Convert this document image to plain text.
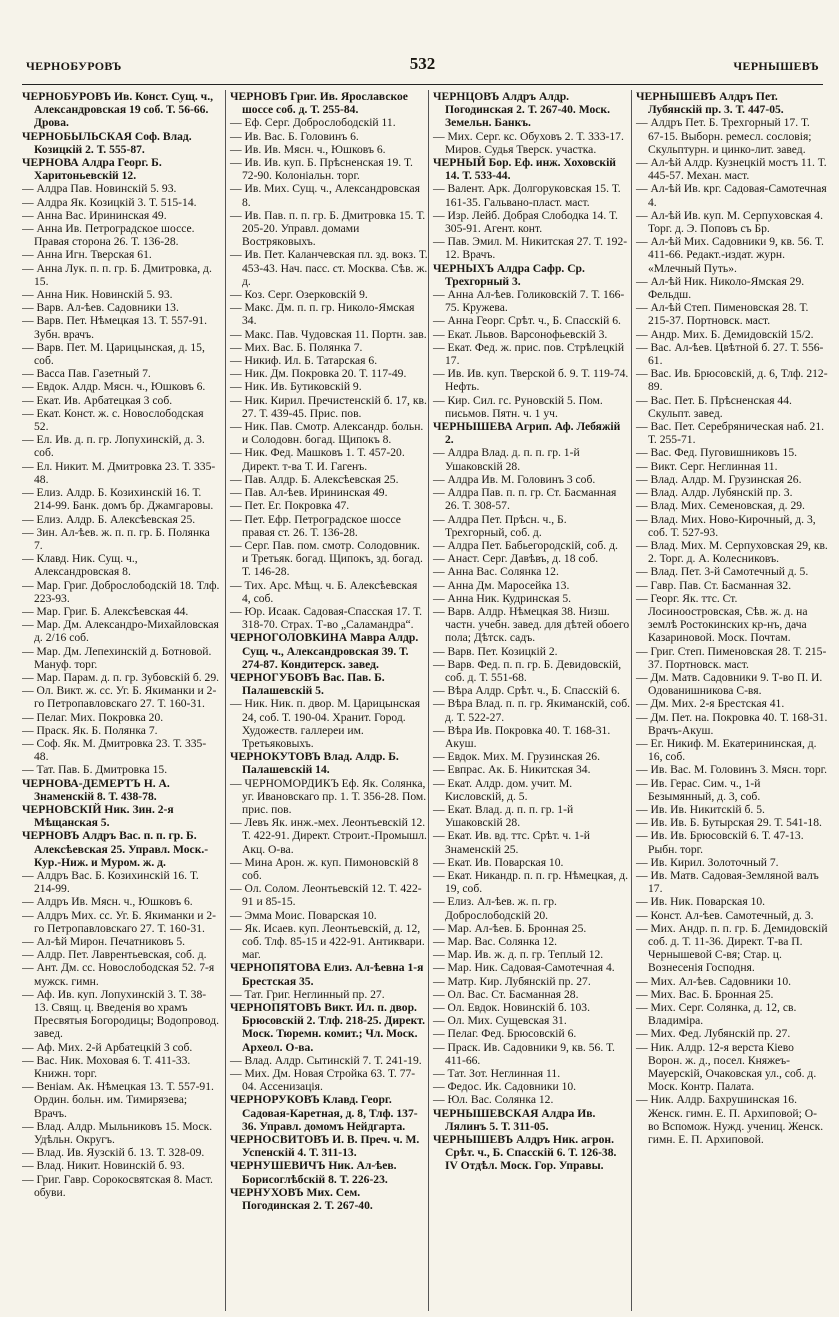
ЧЕРНОБУРОВЪ	532	ЧЕРНЫШЕВЪ

ЧЕРНОБУРОВЪ Ив. Конст. Сущ. ч., Александровская 19 соб. Т. 56-66. Дрова.

ЧЕРНОБЫЛЬСКАЯ Соф. Влад. Козицкій 2. Т. 555-87.

ЧЕРНОВА Алдра Георг. Б. Харитоньевскій 12.

— Алдра Пав. Новинскій 5. 93.

— Алдра Як. Козицкій 3. Т. 515-14.

— Анна Вас. Ирининская 49.

— Анна Ив. Петроградское шоссе. Правая сторона 26. Т. 136-28.

— Анна Игн. Тверская 61.

— Анна Лук. п. п. гр. Б. Дмитровка, д. 15.

— Анна Ник. Новинскій 5. 93.

— Варв. Ал-ѣев. Садовники 13.

— Варв. Пет. Нѣмецкая 13. Т. 557-91. Зубн. врачъ.

— Варв. Пет. М. Царицынская, д. 15, соб.

— Васса Пав. Газетный 7.

— Евдок. Алдр. Мясн. ч., Юшковъ 6.

— Екат. Ив. Арбатецкая 3 соб.

— Екат. Конст. ж. с. Новослободская 52.

— Ел. Ив. д. п. гр. Лопухинскій, д. 3. соб.

— Ел. Никит. М. Дмитровка 23. Т. 335-48.

— Елиз. Алдр. Б. Козихинскій 16. Т. 214-99. Банк. домъ бр. Джамгаровы.

— Елиз. Алдр. Б. Алексѣевская 25.

— Зин. Ал-ѣев. ж. п. п. гр. Б. Полянка 7.

— Клавд. Ник. Сущ. ч., Александровская 8.

— Мар. Григ. Доброслободскій 18. Тлф. 223-93.

— Мар. Григ. Б. Алексѣевская 44.

— Мар. Дм. Александро-Михайловская д. 2/16 соб.

— Мар. Дм. Лепехинскій д. Ботновой. Мануф. торг.

— Мар. Парам. д. п. гр. Зубовскій б. 29.

— Ол. Викт. ж. сс. Уг. Б. Якиманки и 2-го Петропавловскаго 27. Т. 160-31.

— Пелаг. Мих. Покровка 20.

— Праск. Як. Б. Полянка 7.

— Соф. Як. М. Дмитровка 23. Т. 335-48.

— Тат. Пав. Б. Дмитровка 15.

ЧЕРНОВА-ДЕМЕРТЪ Н. А. Знаменскій 8. Т. 438-78.

ЧЕРНОВСКІЙ Ник. Зин. 2-я Мѣщанская 5.

ЧЕРНОВЪ Алдръ Вас. п. п. гр. Б. Алексѣевская 25. Управл. Моск.-Кур.-Ниж. и Муром. ж. д.

— Алдръ Вас. Б. Козихинскій 16. Т. 214-99.

— Алдръ Ив. Мясн. ч., Юшковъ 6.

— Алдръ Мих. сс. Уг. Б. Якиманки и 2-го Петропавловскаго 27. Т. 160-31.

— Ал-ѣй Мирон. Печатниковъ 5.

— Алдр. Пет. Лаврентьевская, соб. д.

— Ант. Дм. сс. Новослободская 52. 7-я мужск. гимн.

— Аф. Ив. куп. Лопухинскій 3. Т. 38-13. Свящ. ц. Введенія во храмъ Пресвятыя Богородицы; Водопровод. завед.

— Аф. Мих. 2-й Арбатецкій 3 соб.

— Вас. Ник. Моховая 6. Т. 411-33. Книжн. торг.

— Веніам. Ак. Нѣмецкая 13. Т. 557-91. Ордин. больн. им. Тимирязева; Врачъ.

— Влад. Алдр. Мыльниковъ 15. Моск. Удѣльн. Округъ.

— Влад. Ив. Яузскій б. 13. Т. 328-09.

— Влад. Никит. Новинскій б. 93.

— Григ. Гавр. Сорокосвятская 8. Маст. обуви.

ЧЕРНОВЪ Григ. Ив. Ярославское шоссе соб. д. Т. 255-84.

— Еф. Серг. Доброслободскій 11.

— Ив. Вас. Б. Головинъ 6.

— Ив. Ив. Мясн. ч., Юшковъ 6.

— Ив. Ив. куп. Б. Прѣсненская 19. Т. 72-90. Колоніальн. торг.

— Ив. Мих. Сущ. ч., Александровская 8.

— Ив. Пав. п. п. гр. Б. Дмитровка 15. Т. 205-20. Управл. домами Востряковыхъ.

— Ив. Пет. Каланчевская пл. зд. вокз. Т. 453-43. Нач. пасс. ст. Москва. Сѣв. ж. д.

— Коз. Серг. Озерковскій 9.

— Макс. Дм. п. п. гр. Николо-Ямская 34.

— Макс. Пав. Чудовская 11. Портн. зав.

— Мих. Вас. Б. Полянка 7.

— Никиф. Ил. Б. Татарская 6.

— Ник. Дм. Покровка 20. Т. 117-49.

— Ник. Ив. Бутиковскій 9.

— Ник. Кирил. Пречистенскій б. 17, кв. 27. Т. 439-45. Прис. пов.

— Ник. Пав. Смотр. Александр. больн. и Солодовн. богад. Щипокъ 8.

— Ник. Фед. Машковъ 1. Т. 457-20. Директ. т-ва Т. И. Гагенъ.

— Пав. Алдр. Б. Алексѣевская 25.

— Пав. Ал-ѣев. Ирининская 49.

— Пет. Ег. Покровка 47.

— Пет. Ефр. Петроградское шоссе правая ст. 26. Т. 136-28.

— Серг. Пав. пом. смотр. Солодовник. и Третьяк. богад. Щипокъ, зд. богад. Т. 146-28.

— Тих. Арс. Мѣщ. ч. Б. Алексѣевская 4, соб.

— Юр. Исаак. Садовая-Спасская 17. Т. 318-70. Страх. Т-во „Саламандра“.

ЧЕРНОГОЛОВКИНА Мавра Алдр. Сущ. ч., Александровская 39. Т. 274-87. Кондитерск. завед.

ЧЕРНОГУБОВЪ Вас. Пав. Б. Палашевскій 5.

— Ник. Ник. п. двор. М. Царицынская 24, соб. Т. 190-04. Хранит. Город. Художеств. галлереи им. Третьяковыхъ.

ЧЕРНОКУТОВЪ Влад. Алдр. Б. Палашевскій 14.

— ЧЕРНОМОРДИКЪ Еф. Як. Солянка, уг. Ивановскаго пр. 1. Т. 356-28. Пом. прис. пов.

— Левъ Як. инж.-мех. Леонтьевскій 12. Т. 422-91. Директ. Строит.-Промышл. Акц. О-ва.

— Мина Арон. ж. куп. Пимоновскій 8 соб.

— Ол. Солом. Леонтьевскій 12. Т. 422-91 и 85-15.

— Эмма Моис. Поварская 10.

— Як. Исаев. куп. Леонтьевскій, д. 12, соб. Тлф. 85-15 и 422-91. Антиквари. маг.

ЧЕРНОПЯТОВА Елиз. Ал-ѣевна 1-я Брестская 35.

— Тат. Григ. Неглинный пр. 27.

ЧЕРНОПЯТОВЪ Викт. Ил. п. двор. Брюсовскій 2. Тлф. 218-25. Директ. Моск. Тюремн. комит.; Чл. Моск. Археол. О-ва.

— Влад. Алдр. Сытинскій 7. Т. 241-19.

— Мих. Дм. Новая Стройка 63. Т. 77-04. Ассенизація.

ЧЕРНОРУКОВЪ Клавд. Георг. Садовая-Каретная, д. 8, Тлф. 137-36. Управл. домомъ Нейдгарта.

ЧЕРНОСВИТОВЪ И. В. Преч. ч. М. Успенскій 4. Т. 311-13.

ЧЕРНУШЕВИЧЪ Ник. Ал-ѣев. Борисоглѣбскій 8. Т. 226-23.

ЧЕРНУХОВЪ Мих. Сем. Погодинская 2. Т. 267-40.

ЧЕРНЦОВЪ Алдръ Алдр. Погодинская 2. Т. 267-40. Моск. Земельн. Банкъ.

— Мих. Серг. кс. Обуховъ 2. Т. 333-17. Миров. Судья Тверск. участка.

ЧЕРНЫЙ Бор. Еф. инж. Хоховскій 14. Т. 533-44.

— Валент. Арк. Долгоруковская 15. Т. 161-35. Гальвано-пласт. маст.

— Изр. Лейб. Добрая Слободка 14. Т. 305-91. Агент. конт.

— Пав. Эмил. М. Никитская 27. Т. 192-12. Врачъ.

ЧЕРНЫХЪ Алдра Сафр. Ср. Трехгорный 3.

— Анна Ал-ѣев. Голиковскій 7. Т. 166-75. Кружева.

— Анна Георг. Срѣт. ч., Б. Спасскій 6.

— Екат. Львов. Варсонофьевскій 3.

— Екат. Фед. ж. прис. пов. Стрѣлецкій 17.

— Ив. Ив. куп. Тверской б. 9. Т. 119-74. Нефть.

— Кир. Сил. гс. Руновскій 5. Пом. письмов. Пятн. ч. 1 уч.

ЧЕРНЫШЕВА Агрип. Аф. Лебяжій 2.

— Алдра Влад. д. п. п. гр. 1-й Ушаковскій 28.

— Алдра Ив. М. Головинъ 3 соб.

— Алдра Пав. п. п. гр. Ст. Басманная 26. Т. 308-57.

— Алдра Пет. Прѣсн. ч., Б. Трехгорный, соб. д.

— Алдра Пет. Бабьегородскій, соб. д.

— Анаст. Серг. Давѣвъ, д. 18 соб.

— Анна Вас. Солянка 12.

— Анна Дм. Маросейка 13.

— Анна Ник. Кудринская 5.

— Варв. Алдр. Нѣмецкая 38. Низш. частн. учебн. завед. для дѣтей обоего пола; Дѣтск. садъ.

— Варв. Пет. Козицкій 2.

— Варв. Фед. п. п. гр. Б. Девидовскій, соб. д. Т. 551-68.

— Вѣра Алдр. Срѣт. ч., Б. Спасскій 6.

— Вѣра Влад. п. п. гр. Якиманскій, соб. д. Т. 522-27.

— Вѣра Ив. Покровка 40. Т. 168-31. Акуш.

— Евдок. Мих. М. Грузинская 26.

— Евпрас. Ак. Б. Никитская 34.

— Екат. Алдр. дом. учит. М. Кисловскій, д. 5.

— Екат. Влад. д. п. п. гр. 1-й Ушаковскій 28.

— Екат. Ив. вд. ттс. Срѣт. ч. 1-й Знаменскій 25.

— Екат. Ив. Поварская 10.

— Екат. Никандр. п. п. гр. Нѣмецкая, д. 19, соб.

— Елиз. Ал-ѣев. ж. п. гр. Доброслободскій 20.

— Мар. Ал-ѣев. Б. Бронная 25.

— Мар. Вас. Солянка 12.

— Мар. Ив. ж. д. п. гр. Теплый 12.

— Мар. Ник. Садовая-Самотечная 4.

— Матр. Кир. Лубянскій пр. 27.

— Ол. Вас. Ст. Басманная 28.

— Ол. Евдок. Новинскій б. 103.

— Ол. Мих. Сущевская 31.

— Пелаг. Фед. Брюсовскій 6.

— Праск. Ив. Садовники 9, кв. 56. Т. 411-66.

— Тат. Зот. Неглинная 11.

— Федос. Ик. Садовники 10.

— Юл. Вас. Солянка 12.

ЧЕРНЫШЕВСКАЯ Алдра Ив. Лялинъ 5. Т. 311-05.

ЧЕРНЫШЕВЪ Алдръ Ник. агрон. Срѣт. ч., Б. Спасскій 6. Т. 126-38. IV Отдѣл. Моск. Гор. Управы.

ЧЕРНЫШЕВЪ Алдръ Пет. Лубянскій пр. 3. Т. 447-05.

— Алдръ Пет. Б. Трехгорный 17. Т. 67-15. Выборн. ремесл. сословія; Скульптурн. и цинко-лит. завед.

— Ал-ѣй Алдр. Кузнецкій мостъ 11. Т. 445-57. Механ. маст.

— Ал-ѣй Ив. крг. Садовая-Самотечная 4.

— Ал-ѣй Ив. куп. М. Серпуховская 4. Торг. д. Э. Поповъ съ Бр.

— Ал-ѣй Мих. Садовники 9, кв. 56. Т. 411-66. Редакт.-издат. журн. «Млечный Путь».

— Ал-ѣй Ник. Николо-Ямская 29. Фельдш.

— Ал-ѣй Степ. Пименовская 28. Т. 215-37. Портновск. маст.

— Андр. Мих. Б. Демидовскій 15/2.

— Вас. Ал-ѣев. Цвѣтной б. 27. Т. 556-61.

— Вас. Ив. Брюсовскій, д. 6, Тлф. 212-89.

— Вас. Пет. Б. Прѣсненская 44. Скульпт. завед.

— Вас. Пет. Серебряническая наб. 21. Т. 255-71.

— Вас. Фед. Пуговишниковъ 15.

— Викт. Серг. Неглинная 11.

— Влад. Алдр. М. Грузинская 26.

— Влад. Алдр. Лубянскій пр. 3.

— Влад. Мих. Семеновская, д. 29.

— Влад. Мих. Ново-Кирочный, д. 3, соб. Т. 527-93.

— Влад. Мих. М. Серпуховская 29, кв. 2. Торг. д. А. Колесниковъ.

— Влад. Пет. 3-й Самотечный д. 5.

— Гавр. Пав. Ст. Басманная 32.

— Георг. Як. ттс. Ст. Лосиноостровская, Сѣв. ж. д. на землѣ Ростокинских кр-нъ, дача Казариновой. Моск. Почтам.

— Григ. Степ. Пименовская 28. Т. 215-37. Портновск. маст.

— Дм. Матв. Садовники 9. Т-во П. И. Одованишникова С-вя.

— Дм. Мих. 2-я Брестская 41.

— Дм. Пет. на. Покровка 40. Т. 168-31. Врачъ-Акуш.

— Ег. Никиф. М. Екатерининская, д. 16, соб.

— Ив. Вас. М. Головинъ 3. Мясн. торг.

— Ив. Герас. Сим. ч., 1-й Безымянный, д. 3, соб.

— Ив. Ив. Никитскій б. 5.

— Ив. Ив. Б. Бутырская 29. Т. 541-18.

— Ив. Ив. Брюсовскій 6. Т. 47-13. Рыбн. торг.

— Ив. Кирил. Золоточный 7.

— Ив. Матв. Садовая-Земляной валъ 17.

— Ив. Ник. Поварская 10.

— Конст. Ал-ѣев. Самотечный, д. 3.

— Мих. Андр. п. п. гр. Б. Демидовскій соб. д. Т. 11-36. Директ. Т-ва П. Чернышевой С-вя; Стар. ц. Вознесенія Господня.

— Мих. Ал-ѣев. Садовники 10.

— Мих. Вас. Б. Бронная 25.

— Мих. Серг. Солянка, д. 12, св. Владиміра.

— Мих. Фед. Лубянскій пр. 27.

— Ник. Алдр. 12-я верста Кіево Ворон. ж. д., посел. Княжеъ-Мауерскій, Очаковская ул., соб. д. Моск. Контр. Палата.

— Ник. Алдр. Бахрушинская 16. Женск. гимн. Е. П. Архиповой; О-во Вспомож. Нужд. учениц. Женск. гимн. Е. П. Архиповой.
